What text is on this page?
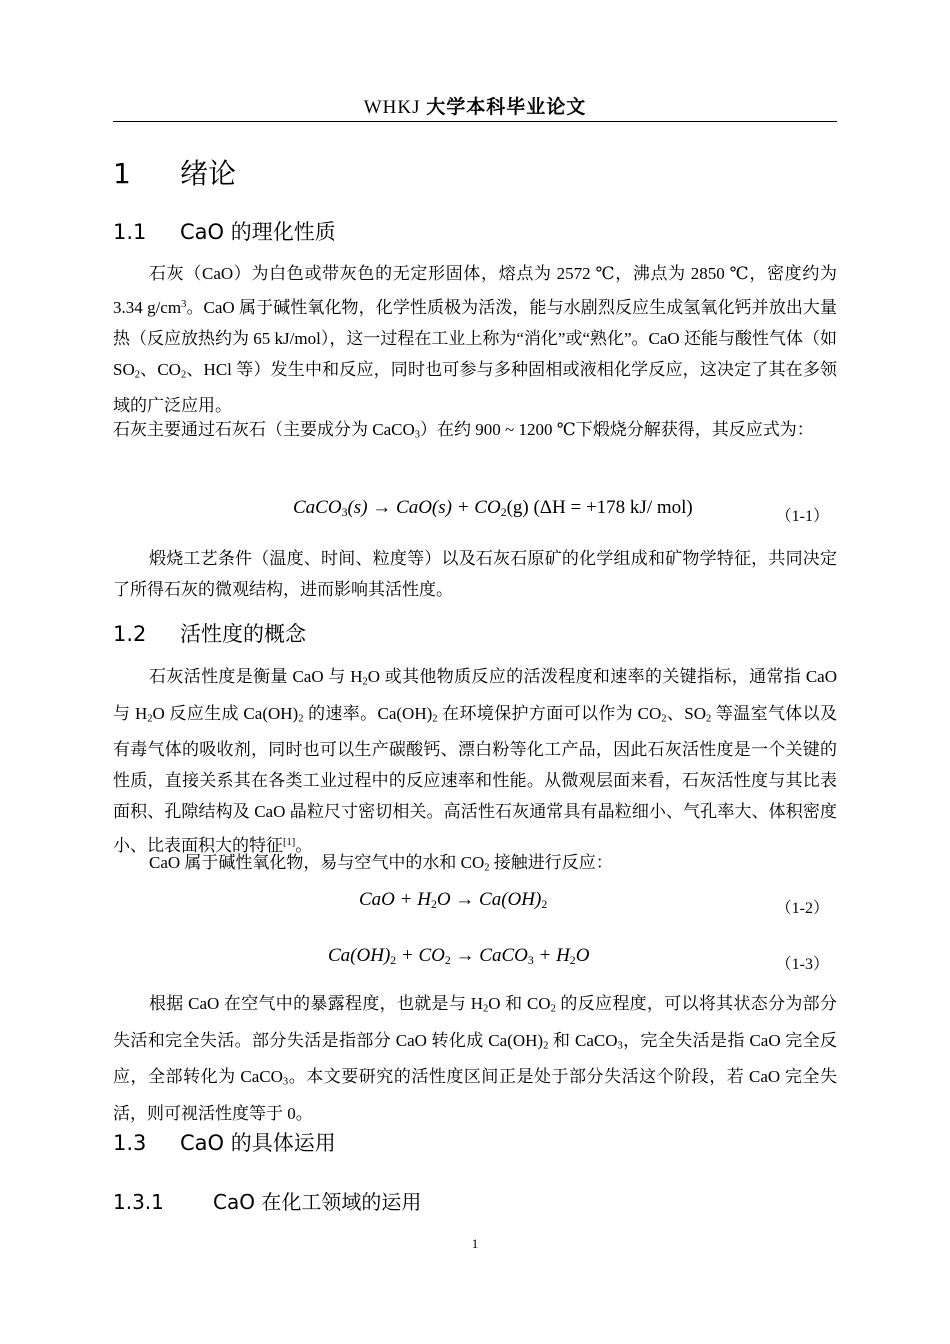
WHKJ 大学本科毕业论文
1 绪论
1.1 CaO 的理化性质
石灰（CaO）为白色或带灰色的无定形固体，熔点为 2572 ℃，沸点为 2850 ℃，密度约为 3.34 $g/cm^3$。CaO 属于碱性氧化物，化学性质极为活泼，能与水剧烈反应生成氢氧化钙并放出大量热（反应放热约为 65 kJ/mol），这一过程在工业上称为“消化”或“熟化”。CaO 还能与酸性气体（如 $SO_2$、$CO_2$、HCl 等）发生中和反应，同时也可参与多种固相或液相化学反应，这决定了其在多领域的广泛应用。
石灰主要通过石灰石（主要成分为 CaCO$_3$）在约 900 ~ 1200 ℃下煅烧分解获得，其反应式为：
CaCO$_3$(s) → $CaO(s) + CO_2(g) (\Delta H = +178$ kJ/ mol)	（1-1）
煅烧工艺条件（温度、时间、粒度等）以及石灰石原矿的化学组成和矿物学特征，共同决定了所得石灰的微观结构，进而影响其活性度。
1.2 活性度的概念
石灰活性度是衡量 CaO 与 $H_2O$ 或其他物质反应的活泼程度和速率的关键指标，通常指 CaO 与 $H_2O$ 反应生成 $Ca(OH)_2$ 的速率。$Ca(OH)_2$ 在环境保护方面可以作为 $CO_2$、$SO_2$ 等温室气体以及有毒气体的吸收剂，同时也可以生产碳酸钙、漂白粉等化工产品，因此石灰活性度是一个关键的性质，直接关系其在各类工业过程中的反应速率和性能。从微观层面来看，石灰活性度与其比表面积、孔隙结构及 CaO 晶粒尺寸密切相关。高活性石灰通常具有晶粒细小、气孔率大、体积密度小、比表面积大的特征[1]。
CaO 属于碱性氧化物，易与空气中的水和 $CO_2$ 接触进行反应：
CaO + $H_2O \to Ca(OH)_2$	（1-2）
$Ca(OH)_2 + CO_2$ → CaCO$_3$ + $H_2O$	（1-3）
根据 CaO 在空气中的暴露程度，也就是与 $H_2O$ 和 $CO_2$ 的反应程度，可以将其状态分为部分失活和完全失活。部分失活是指部分 CaO 转化成 $Ca(OH)_2$ 和 CaCO$_3$，完全失活是指 CaO 完全反应，全部转化为 CaCO$_3$。本文要研究的活性度区间正是处于部分失活这个阶段，若 CaO 完全失活，则可视活性度等于 0。
1.3 CaO 的具体运用
1.3.1 CaO 在化工领域的运用
1
